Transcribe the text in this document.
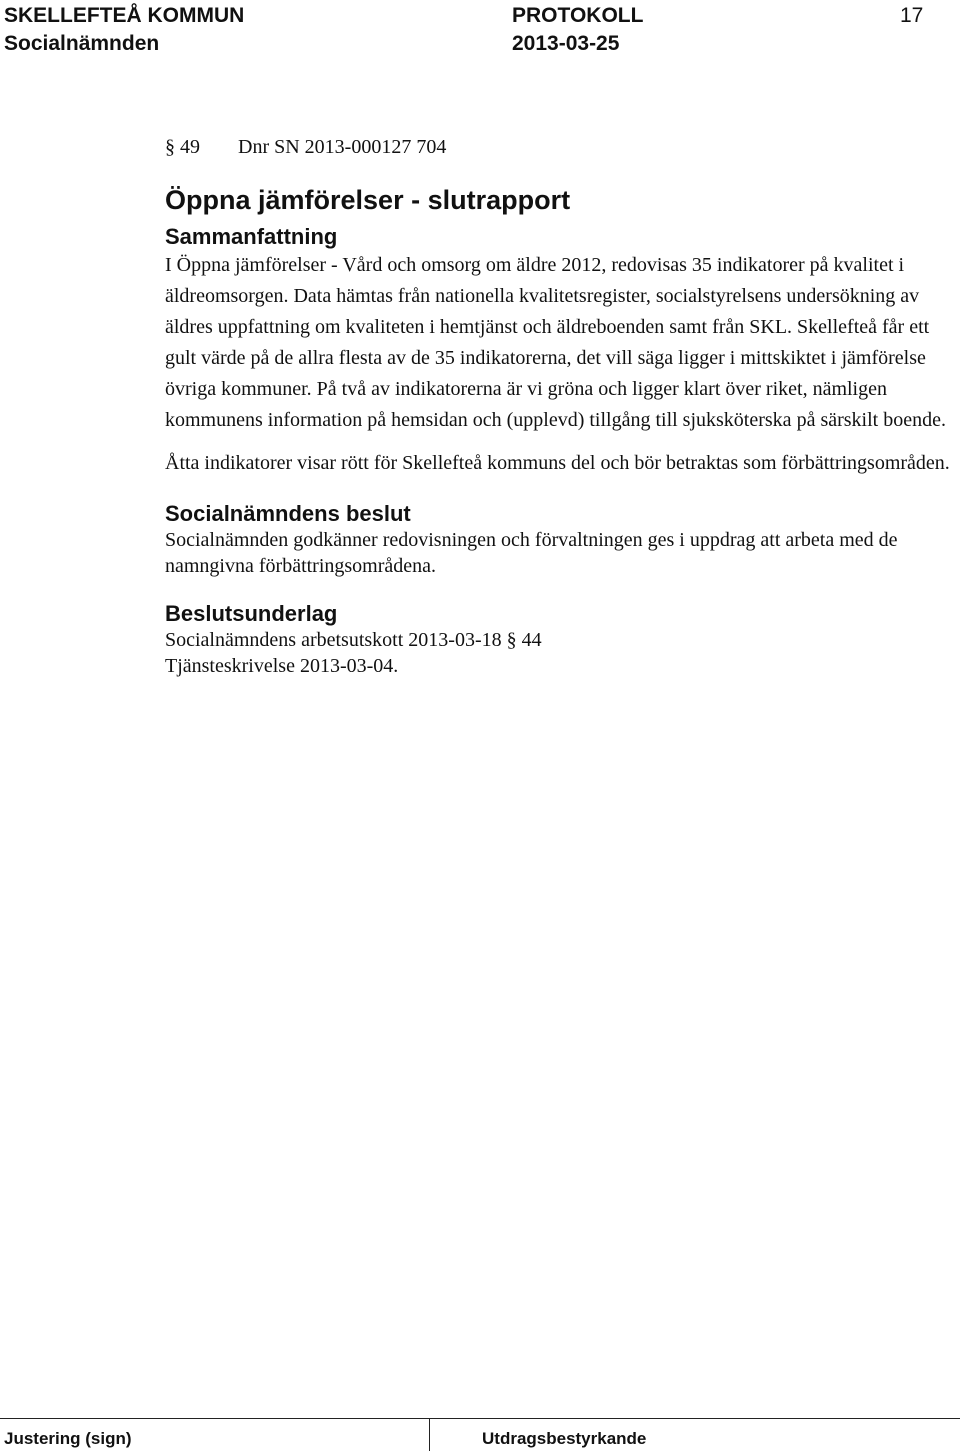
SKELLEFTEÅ KOMMUN
Socialnämnden
PROTOKOLL
2013-03-25
17
§ 49 Dnr SN 2013-000127 704
Öppna jämförelser - slutrapport
Sammanfattning

I Öppna jämförelser - Vård och omsorg om äldre 2012, redovisas 35 indikatorer på kvalitet i äldreomsorgen. Data hämtas från nationella kvalitetsregister, socialstyrelsens undersökning av äldres uppfattning om kvaliteten i hemtjänst och äldreboenden samt från SKL. Skellefteå får ett gult värde på de allra flesta av de 35 indikatorerna, det vill säga ligger i mittskiktet i jämförelse övriga kommuner. På två av indikatorerna är vi gröna och ligger klart över riket, nämligen kommunens information på hemsidan och (upplevd) tillgång till sjuksköterska på särskilt boende.

Åtta indikatorer visar rött för Skellefteå kommuns del och bör betraktas som förbättringsområden.

Socialnämndens beslut

Socialnämnden godkänner redovisningen och förvaltningen ges i uppdrag att arbeta med de namngivna förbättringsområdena.

Beslutsunderlag

Socialnämndens arbetsutskott 2013-03-18 § 44

Tjänsteskrivelse 2013-03-04.

Justering (sign)	Utdragsbestyrkande
